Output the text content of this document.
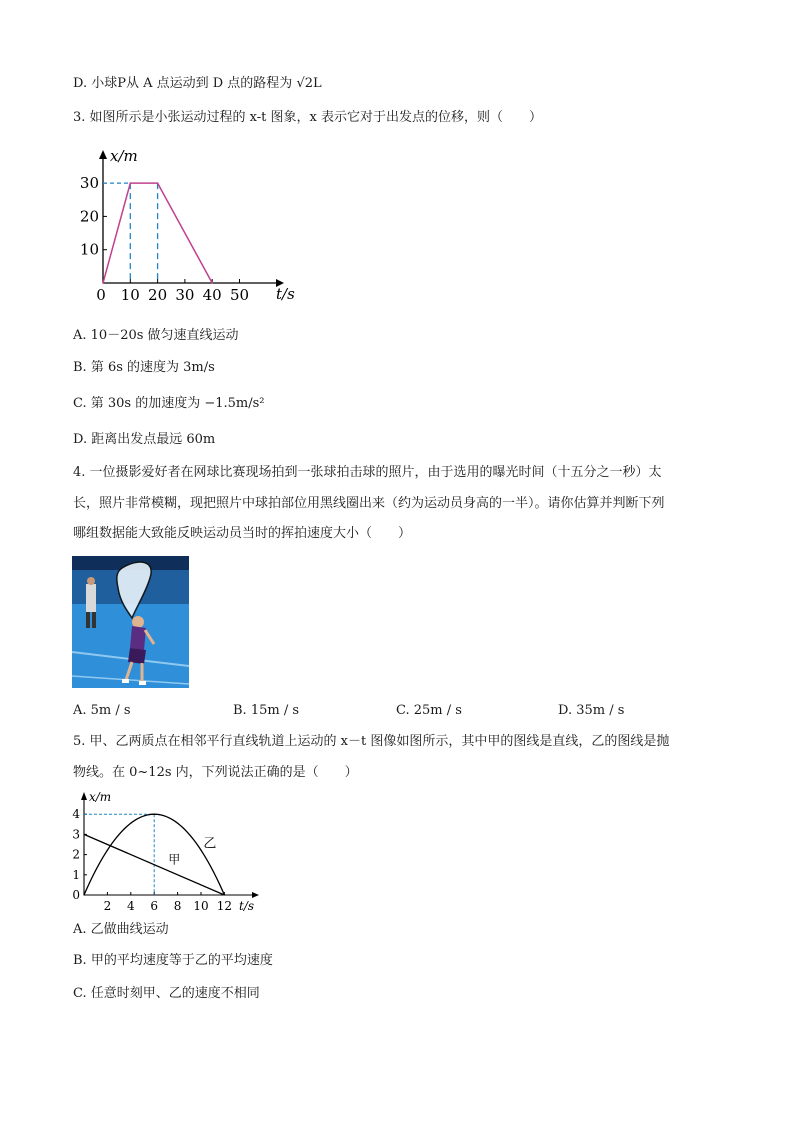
D. 小球P从 A 点运动到 D 点的路程为 √2L
3. 如图所示是小张运动过程的 x-t 图象，x 表示它对于出发点的位移，则（　　）
x/m
t/s
10
20
30
0 10 20 30 40 50
A. 10－20s 做匀速直线运动
B. 第 6s 的速度为 3m/s
C. 第 30s 的加速度为 −1.5m/s²
D. 距离出发点最远 60m
4. 一位摄影爱好者在网球比赛现场拍到一张球拍击球的照片，由于选用的曝光时间（十五分之一秒）太
长，照片非常模糊，现把照片中球拍部位用黑线圈出来（约为运动员身高的一半）。请你估算并判断下列
哪组数据能大致能反映运动员当时的挥拍速度大小（　　）
A. 5m / s	B. 15m / s	C. 25m / s	D. 35m / s
5. 甲、乙两质点在相邻平行直线轨道上运动的 x－t 图像如图所示，其中甲的图线是直线，乙的图线是抛
物线。在 0~12s 内，下列说法正确的是（　　）
x/m
t/s
0
1
2
3
4
2 4 6 8 10 12
甲
乙
A. 乙做曲线运动
B. 甲的平均速度等于乙的平均速度
C. 任意时刻甲、乙的速度不相同
